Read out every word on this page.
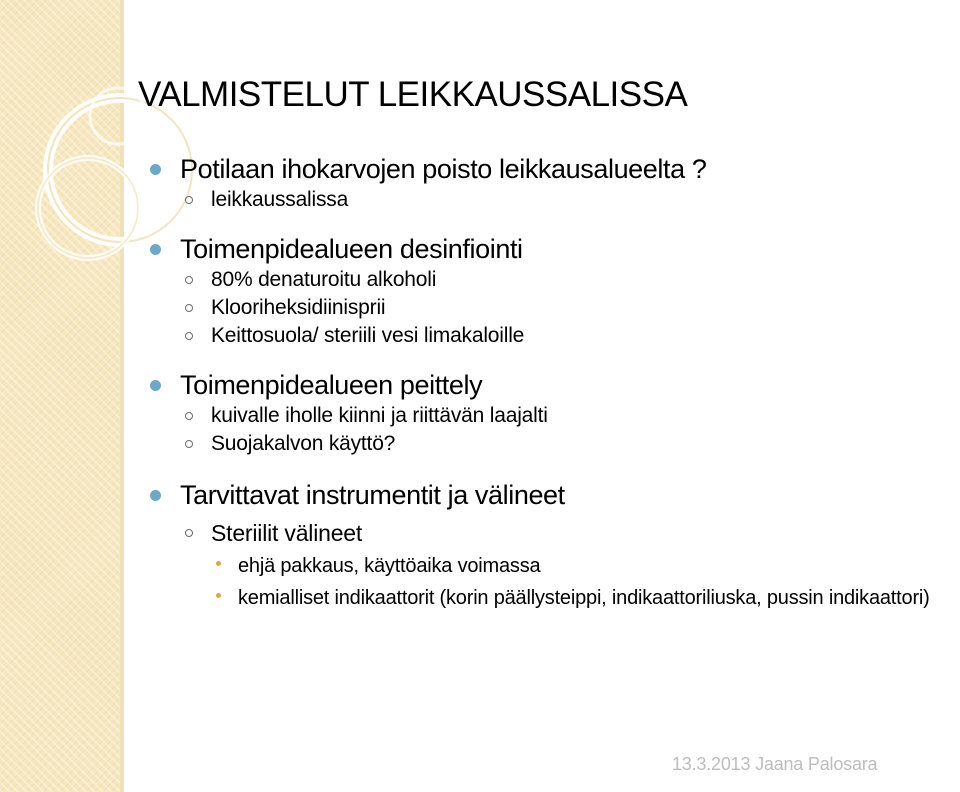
VALMISTELUT LEIKKAUSSALISSA
Potilaan ihokarvojen poisto leikkausalueelta ?
leikkaussalissa
Toimenpidealueen desinfiointi
80% denaturoitu alkoholi
Klooriheksidiinisprii
Keittosuola/ steriili vesi limakaloille
Toimenpidealueen peittely
kuivalle iholle kiinni ja riittävän laajalti
Suojakalvon käyttö?
Tarvittavat instrumentit ja välineet
Steriilit välineet
ehjä pakkaus, käyttöaika voimassa
kemialliset indikaattorit (korin päällysteippi, indikaattoriliuska, pussin indikaattori)
13.3.2013 Jaana Palosara
